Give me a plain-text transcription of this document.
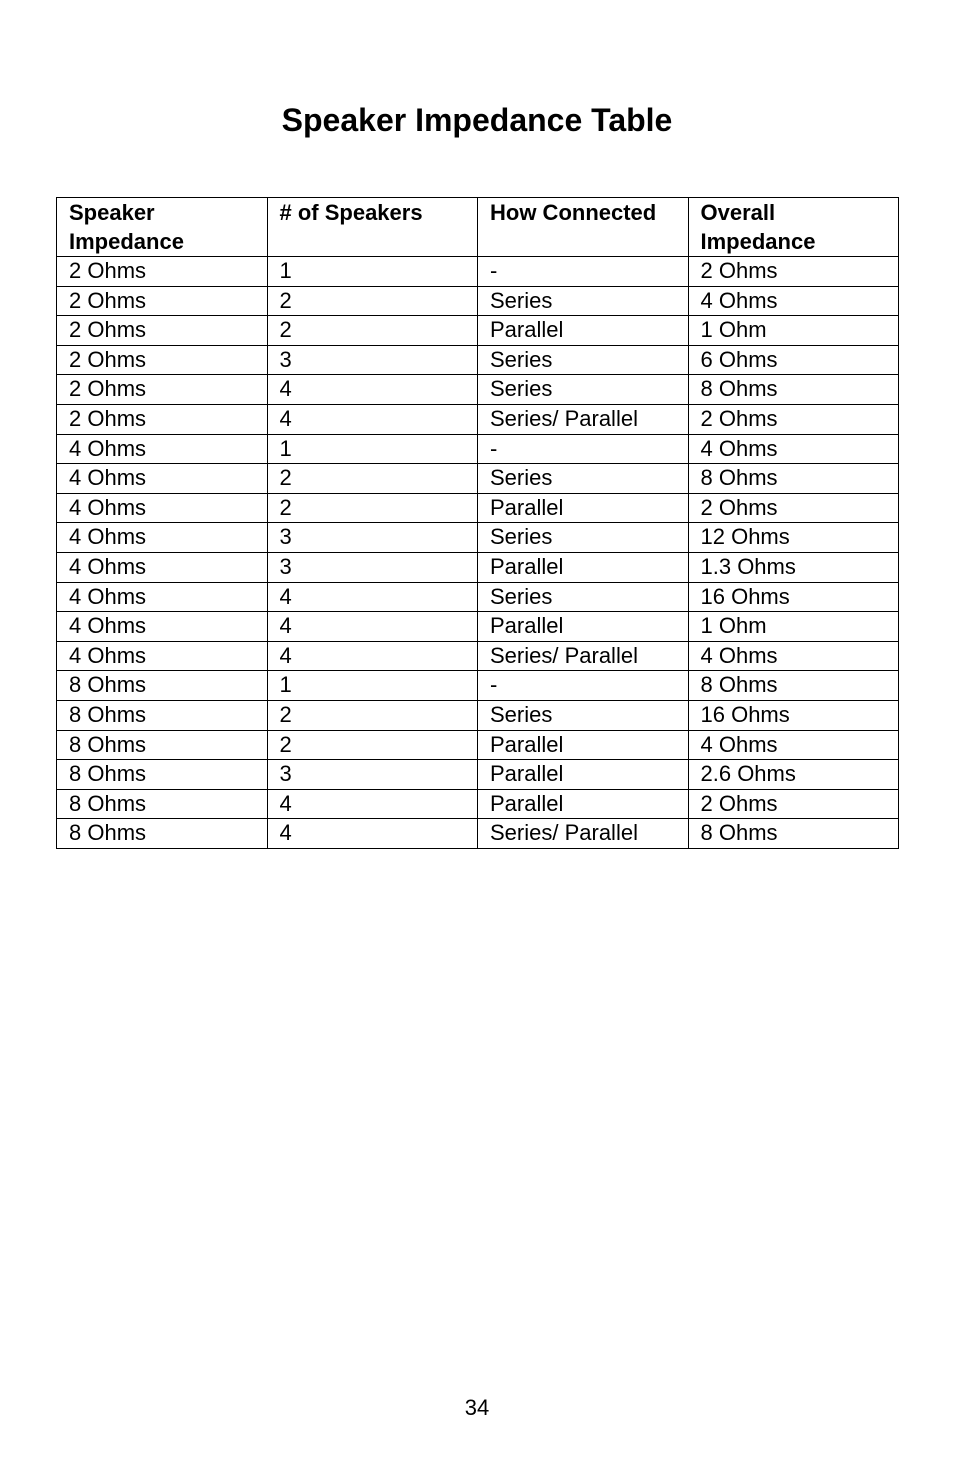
Speaker Impedance Table
Speaker Impedance	# of Speakers	How Connected	Overall Impedance
2 Ohms	1	-	2 Ohms
2 Ohms	2	Series	4 Ohms
2 Ohms	2	Parallel	1 Ohm
2 Ohms	3	Series	6 Ohms
2 Ohms	4	Series	8 Ohms
2 Ohms	4	Series/ Parallel	2 Ohms
4 Ohms	1	-	4 Ohms
4 Ohms	2	Series	8 Ohms
4 Ohms	2	Parallel	2 Ohms
4 Ohms	3	Series	12 Ohms
4 Ohms	3	Parallel	1.3 Ohms
4 Ohms	4	Series	16 Ohms
4 Ohms	4	Parallel	1 Ohm
4 Ohms	4	Series/ Parallel	4 Ohms
8 Ohms	1	-	8 Ohms
8 Ohms	2	Series	16 Ohms
8 Ohms	2	Parallel	4 Ohms
8 Ohms	3	Parallel	2.6 Ohms
8 Ohms	4	Parallel	2 Ohms
8 Ohms	4	Series/ Parallel	8 Ohms
34
